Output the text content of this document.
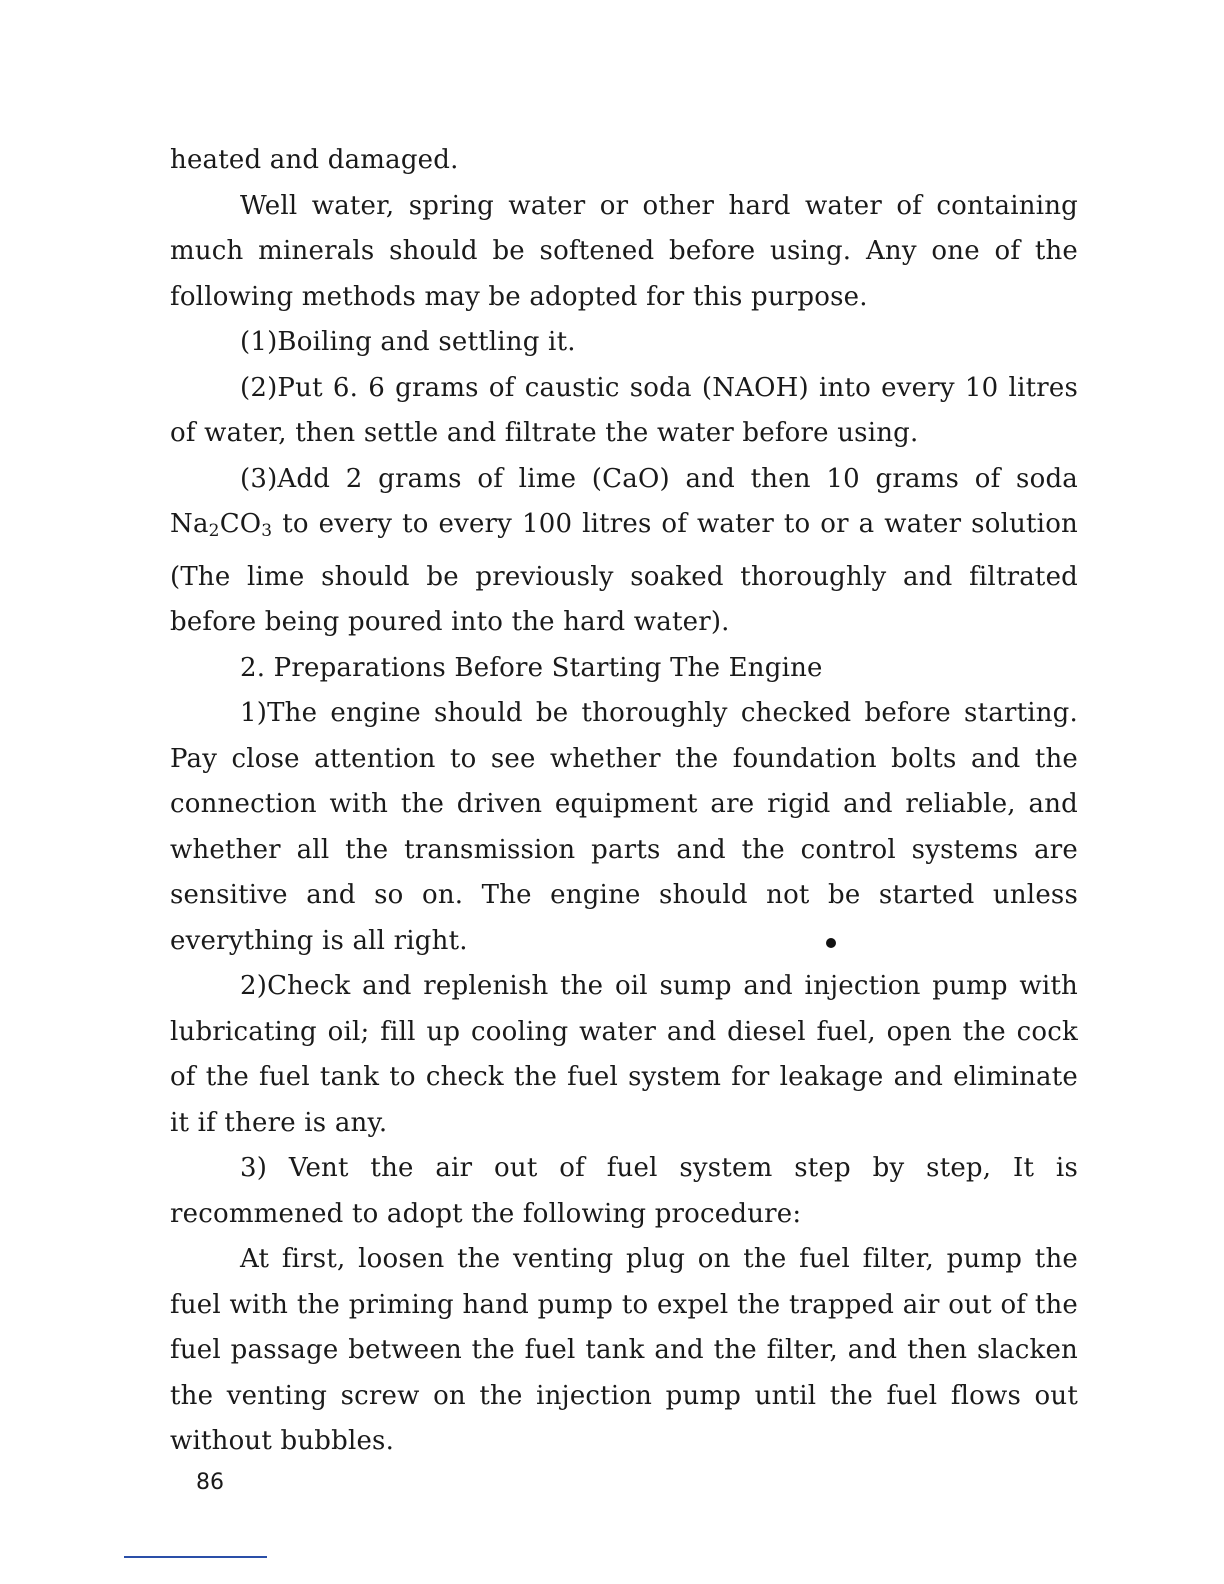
heated and damaged.

Well water, spring water or other hard water of containing much minerals should be softened before using. Any one of the following methods may be adopted for this purpose.

(1)Boiling and settling it.

(2)Put 6. 6 grams of caustic soda (NAOH) into every 10 litres of water, then settle and filtrate the water before using.

(3)Add 2 grams of lime (CaO) and then 10 grams of soda $Na_2CO_3$ to every to every 100 litres of water to or a water solution (The lime should be previously soaked thoroughly and filtrated before being poured into the hard water).

2. Preparations Before Starting The Engine

1)The engine should be thoroughly checked before starting. Pay close attention to see whether the foundation bolts and the connection with the driven equipment are rigid and reliable, and whether all the transmission parts and the control systems are sensitive and so on. The engine should not be started unless everything is all right.

2)Check and replenish the oil sump and injection pump with lubricating oil; fill up cooling water and diesel fuel, open the cock of the fuel tank to check the fuel system for leakage and eliminate it if there is any.

3) Vent the air out of fuel system step by step, It is recommened to adopt the following procedure:

At first, loosen the venting plug on the fuel filter, pump the fuel with the priming hand pump to expel the trapped air out of the fuel passage between the fuel tank and the filter, and then slacken the venting screw on the injection pump until the fuel flows out without bubbles.

86
